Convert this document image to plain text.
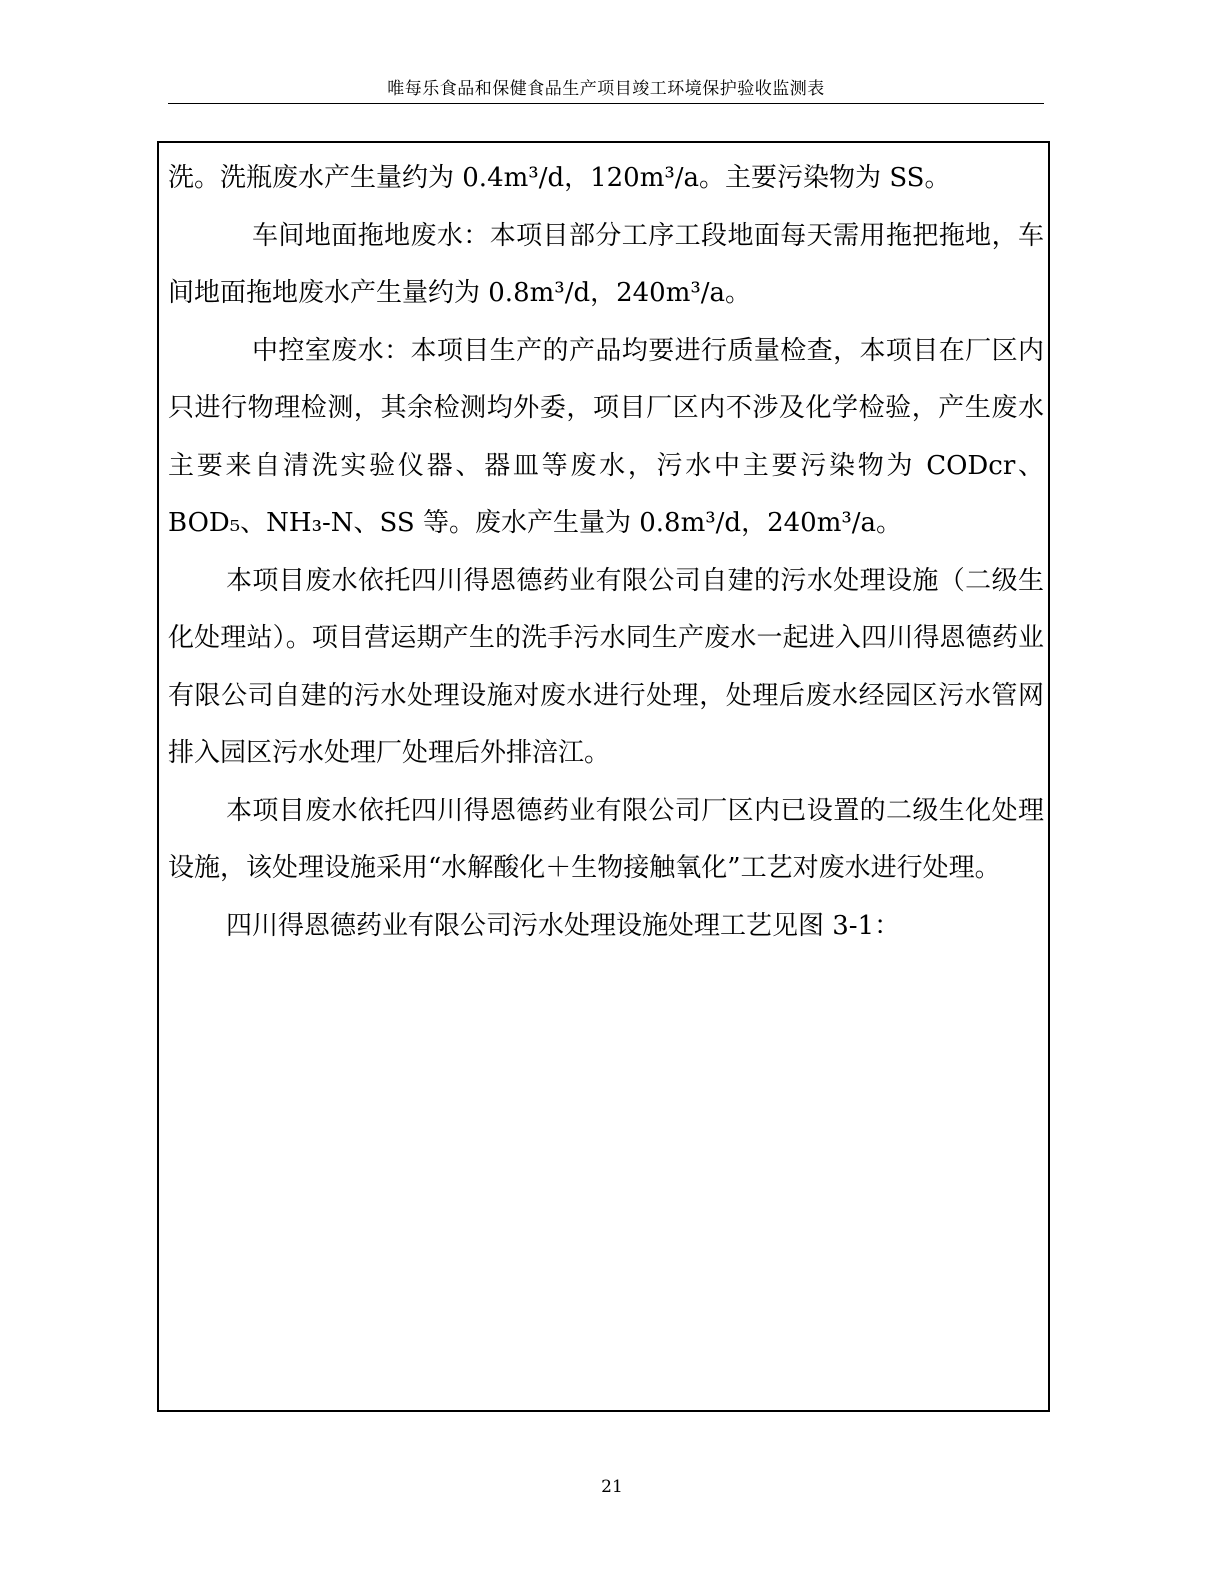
唯每乐食品和保健食品生产项目竣工环境保护验收监测表

洗。洗瓶废水产生量约为 0.4m³/d，120m³/a。主要污染物为 SS。

车间地面拖地废水：本项目部分工序工段地面每天需用拖把拖地，车间地面拖地废水产生量约为 0.8m³/d，240m³/a。

中控室废水：本项目生产的产品均要进行质量检查，本项目在厂区内只进行物理检测，其余检测均外委，项目厂区内不涉及化学检验，产生废水主要来自清洗实验仪器、器皿等废水，污水中主要污染物为 CODcr、BOD₅、NH₃-N、SS 等。废水产生量为 0.8m³/d，240m³/a。

本项目废水依托四川得恩德药业有限公司自建的污水处理设施（二级生化处理站）。项目营运期产生的洗手污水同生产废水一起进入四川得恩德药业有限公司自建的污水处理设施对废水进行处理，处理后废水经园区污水管网排入园区污水处理厂处理后外排涪江。

本项目废水依托四川得恩德药业有限公司厂区内已设置的二级生化处理设施，该处理设施采用“水解酸化＋生物接触氧化”工艺对废水进行处理。

四川得恩德药业有限公司污水处理设施处理工艺见图 3-1：

21
